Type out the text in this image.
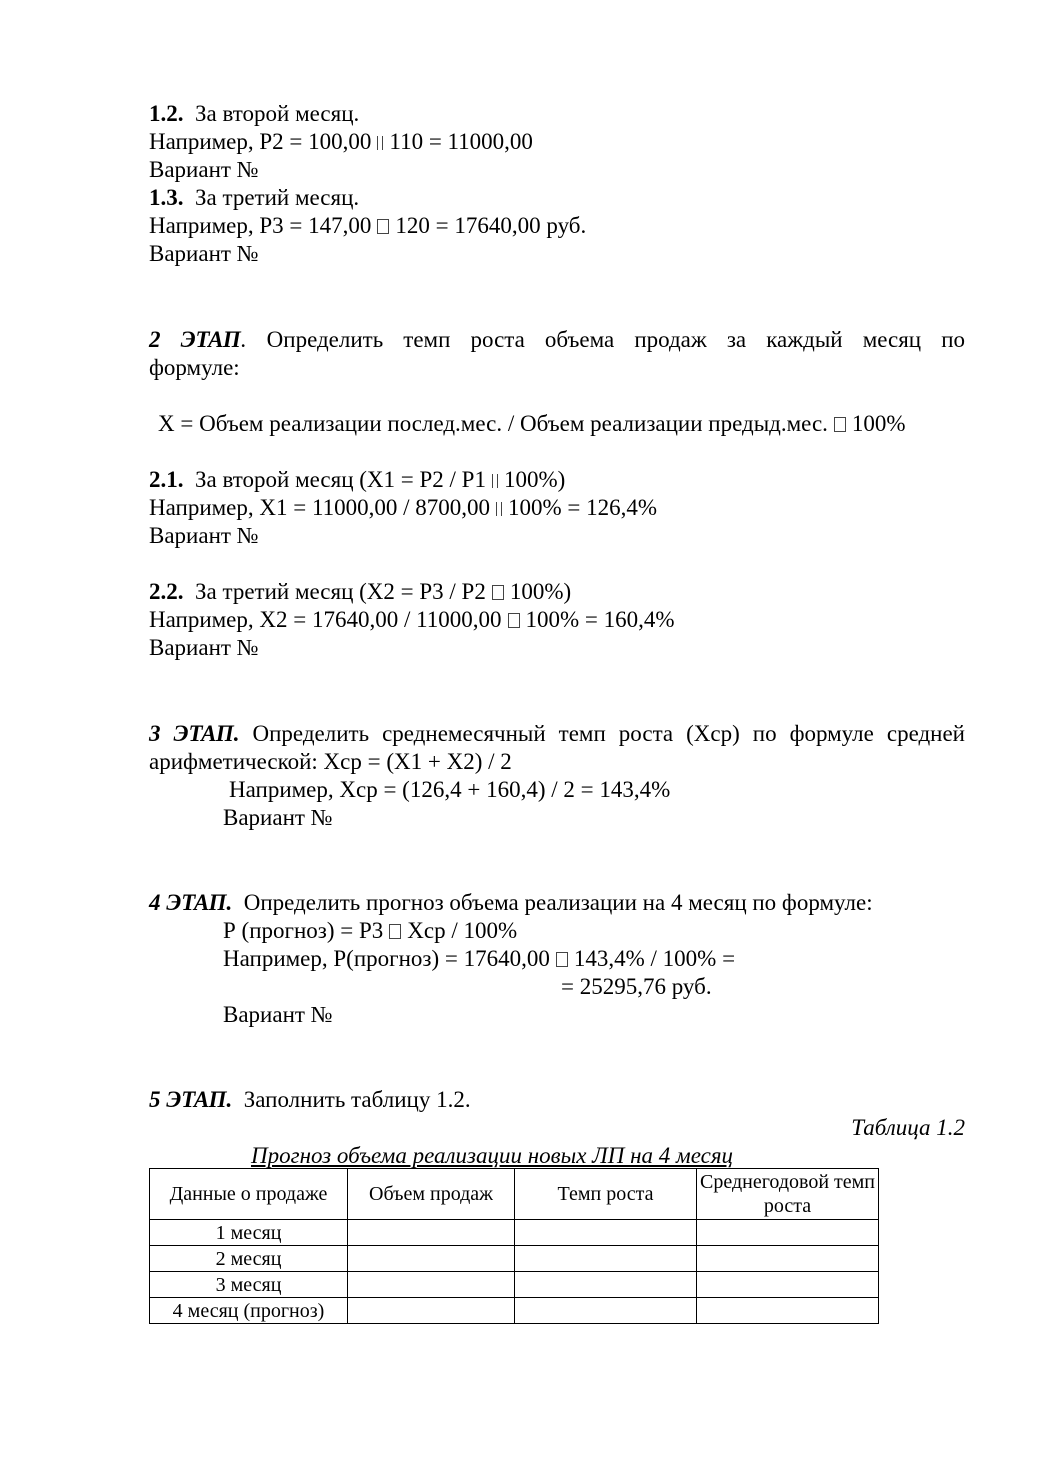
1.2. За второй месяц.
Например, Р2 = 100,00 110 = 11000,00
Вариант №
1.3. За третий месяц.
Например, Р3 = 147,00 120 = 17640,00 руб.
Вариант №
2 ЭТАП. Определить темп роста объема продаж за каждый месяц по
формуле:
Х = Объем реализации послед.мес. / Объем реализации предыд.мес. 100%
2.1. За второй месяц (Х1 = Р2 / Р1 100%)
Например, Х1 = 11000,00 / 8700,00 100% = 126,4%
Вариант №
2.2. За третий месяц (Х2 = Р3 / Р2 100%)
Например, Х2 = 17640,00 / 11000,00 100% = 160,4%
Вариант №
3 ЭТАП. Определить среднемесячный темп роста (Хср) по формуле средней
арифметической: Хср = (Х1 + Х2) / 2
Например, Хср = (126,4 + 160,4) / 2 = 143,4%
Вариант №
4 ЭТАП. Определить прогноз объема реализации на 4 месяц по формуле:
Р (прогноз) = Р3 Хср / 100%
Например, Р(прогноз) = 17640,00 143,4% / 100% =
= 25295,76 руб.
Вариант №
5 ЭТАП. Заполнить таблицу 1.2.
Таблица 1.2
Прогноз объема реализации новых ЛП на 4 месяц
Данные о продаже	Объем продаж	Темп роста	Среднегодовой темп роста
1 месяц			
2 месяц			
3 месяц			
4 месяц (прогноз)			
